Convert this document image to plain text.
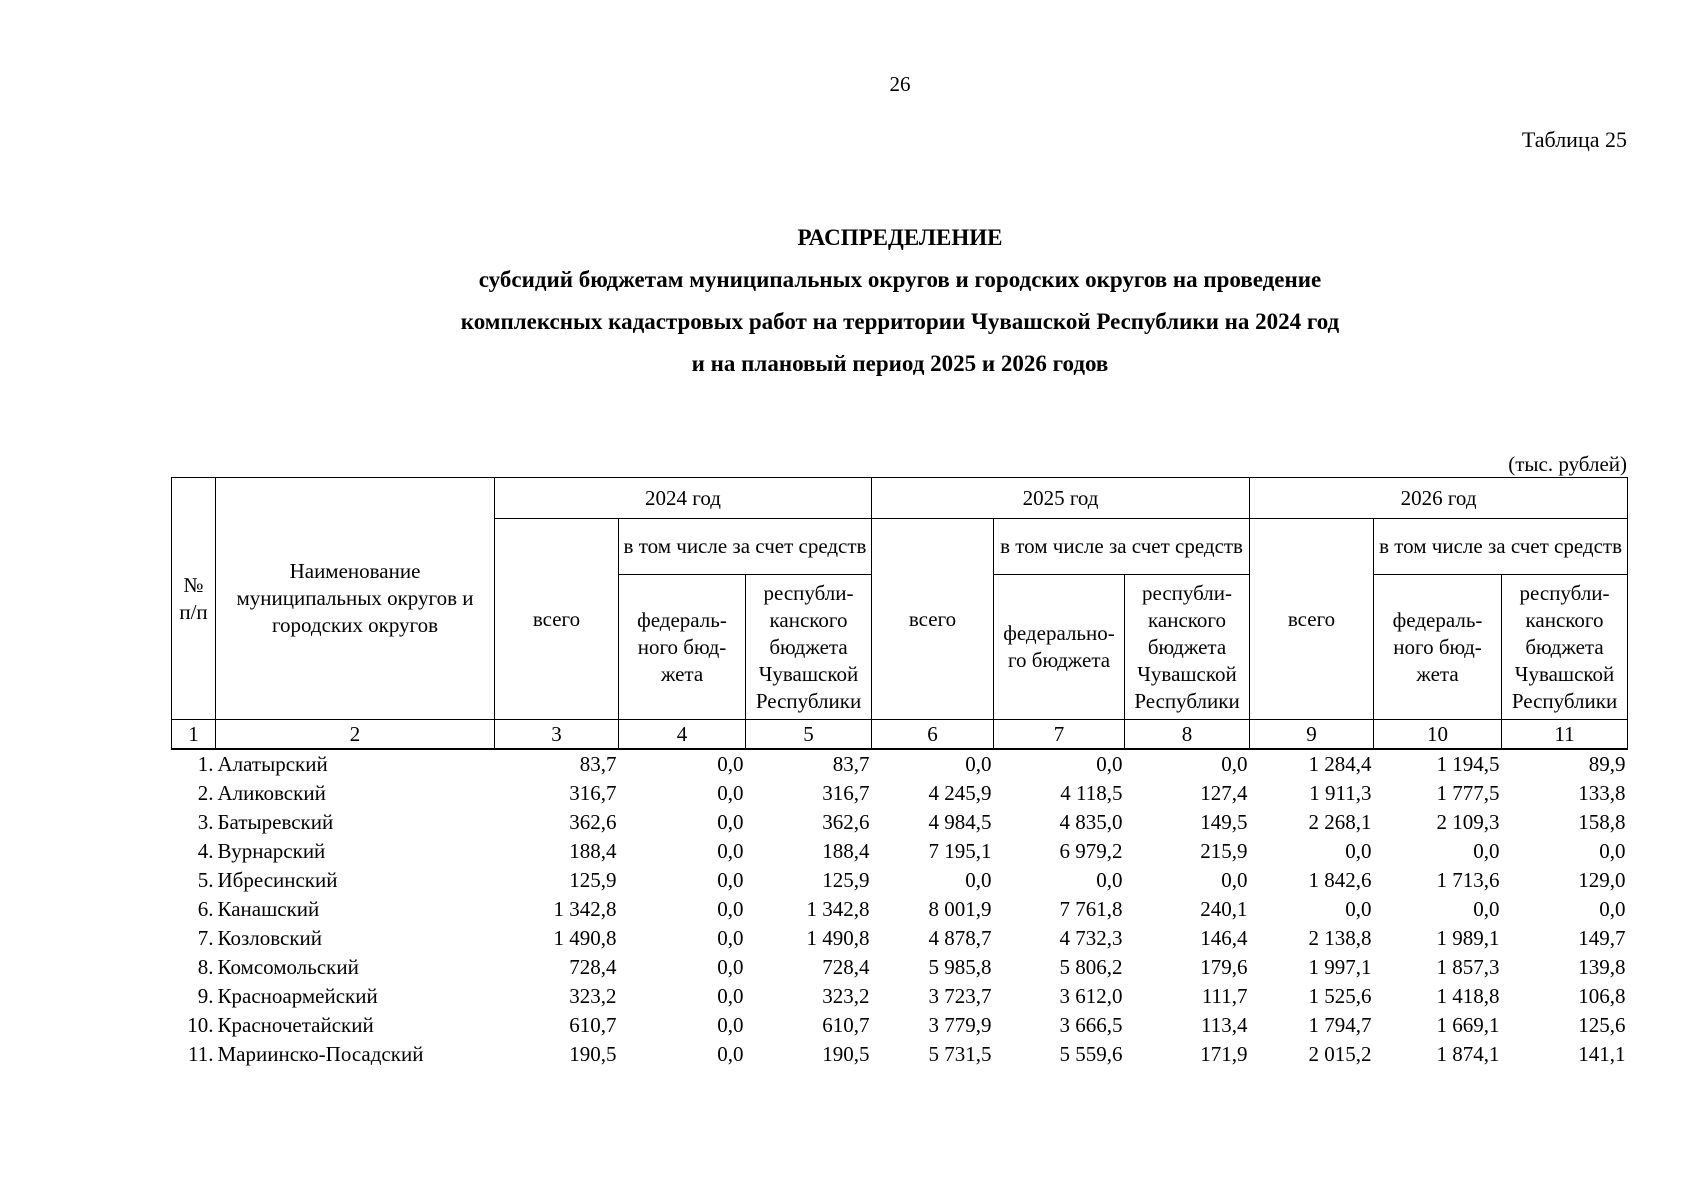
26
Таблица 25
РАСПРЕДЕЛЕНИЕ
субсидий бюджетам муниципальных округов и городских округов на проведение
комплексных кадастровых работ на территории Чувашской Республики на 2024 год
и на плановый период 2025 и 2026 годов
(тыс. рублей)
№ п/п	Наименование муниципальных округов и городских округов	2024 год			2025 год			2026 год		
		всего	в том числе за счет средств		всего	в том числе за счет средств		всего	в том числе за счет средств	
			федераль- ного бюд- жета	республи- канского бюджета Чувашской Республики		федерально- го бюджета	республи- канского бюджета Чувашской Республики		федераль- ного бюд- жета	республи- канского бюджета Чувашской Республики
1	2	3	4	5	6	7	8	9	10	11
1.	Алатырский	83,7	0,0	83,7	0,0	0,0	0,0	1 284,4	1 194,5	89,9
2.	Аликовский	316,7	0,0	316,7	4 245,9	4 118,5	127,4	1 911,3	1 777,5	133,8
3.	Батыревский	362,6	0,0	362,6	4 984,5	4 835,0	149,5	2 268,1	2 109,3	158,8
4.	Вурнарский	188,4	0,0	188,4	7 195,1	6 979,2	215,9	0,0	0,0	0,0
5.	Ибресинский	125,9	0,0	125,9	0,0	0,0	0,0	1 842,6	1 713,6	129,0
6.	Канашский	1 342,8	0,0	1 342,8	8 001,9	7 761,8	240,1	0,0	0,0	0,0
7.	Козловский	1 490,8	0,0	1 490,8	4 878,7	4 732,3	146,4	2 138,8	1 989,1	149,7
8.	Комсомольский	728,4	0,0	728,4	5 985,8	5 806,2	179,6	1 997,1	1 857,3	139,8
9.	Красноармейский	323,2	0,0	323,2	3 723,7	3 612,0	111,7	1 525,6	1 418,8	106,8
10.	Красночетайский	610,7	0,0	610,7	3 779,9	3 666,5	113,4	1 794,7	1 669,1	125,6
11.	Мариинско-Посадский	190,5	0,0	190,5	5 731,5	5 559,6	171,9	2 015,2	1 874,1	141,1
